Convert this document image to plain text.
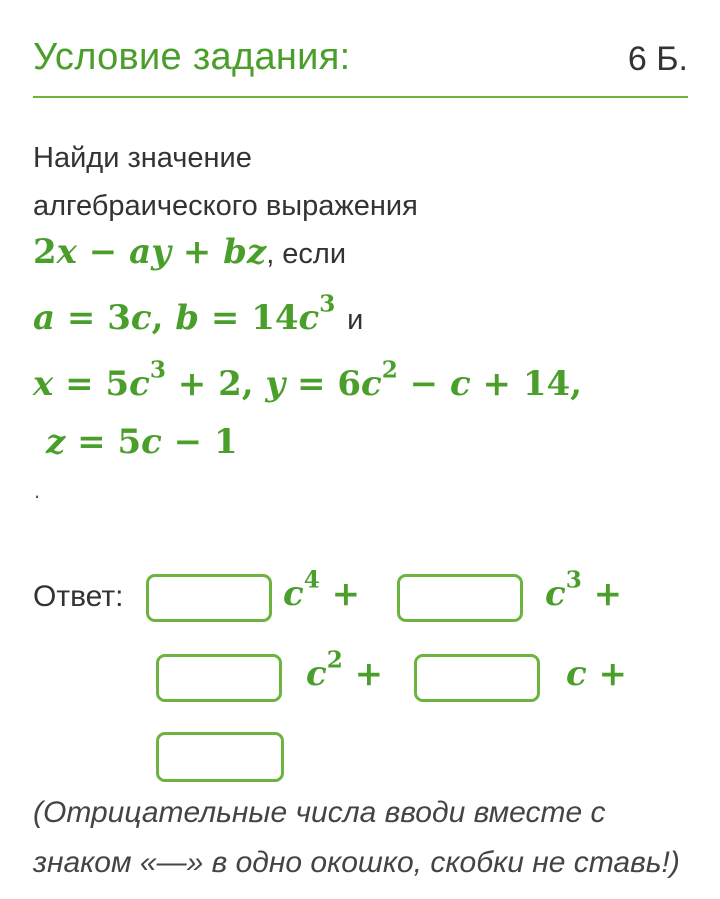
Условие задания:	6 Б.
Найди значение
алгебраического выражения
2x − ay + bz, если
a = 3c, $b = 14c^3$ и
$x = 5c^3 + 2$, $y = 6c^2 - c + 14$,
z = 5c − 1
.
Ответ:	$c^4$ +	$c^3$ +
$c^2$ +	c +
(Отрицательные числа вводи вместе с
знаком «—» в одно окошко, скобки не ставь!)
